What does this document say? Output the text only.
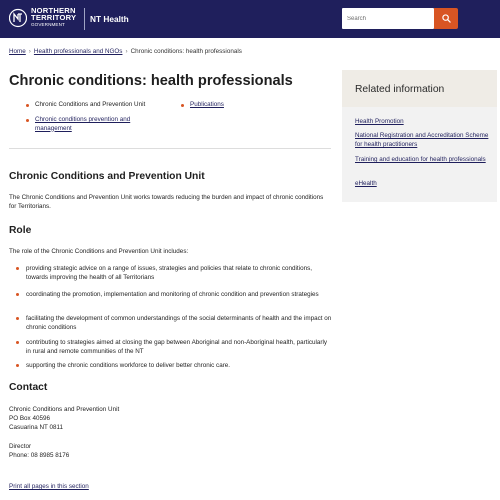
NORTHERN
TERRITORY
GOVERNMENT
NT Health
Search
Home › Health professionals and NGOs › Chronic conditions: health professionals
Chronic conditions: health professionals
Chronic Conditions and Prevention Unit
Chronic conditions prevention and management
Publications
Chronic Conditions and Prevention Unit

The Chronic Conditions and Prevention Unit works towards reducing the burden and impact of chronic conditions for Territorians.

Role

The role of the Chronic Conditions and Prevention Unit includes:

providing strategic advice on a range of issues, strategies and policies that relate to chronic conditions, towards improving the health of all Territorians
coordinating the promotion, implementation and monitoring of chronic condition and prevention strategies
facilitating the development of common understandings of the social determinants of health and the impact on chronic conditions
contributing to strategies aimed at closing the gap between Aboriginal and non-Aboriginal health, particularly in rural and remote communities of the NT
supporting the chronic conditions workforce to deliver better chronic care.
Contact
Chronic Conditions and Prevention Unit
PO Box 40596
Casuarina NT 0811
Director
Phone: 08 8985 8176
Print all pages in this section
Related information
Health Promotion
National Registration and Accreditation Scheme for health practitioners
Training and education for health professionals
eHealth
